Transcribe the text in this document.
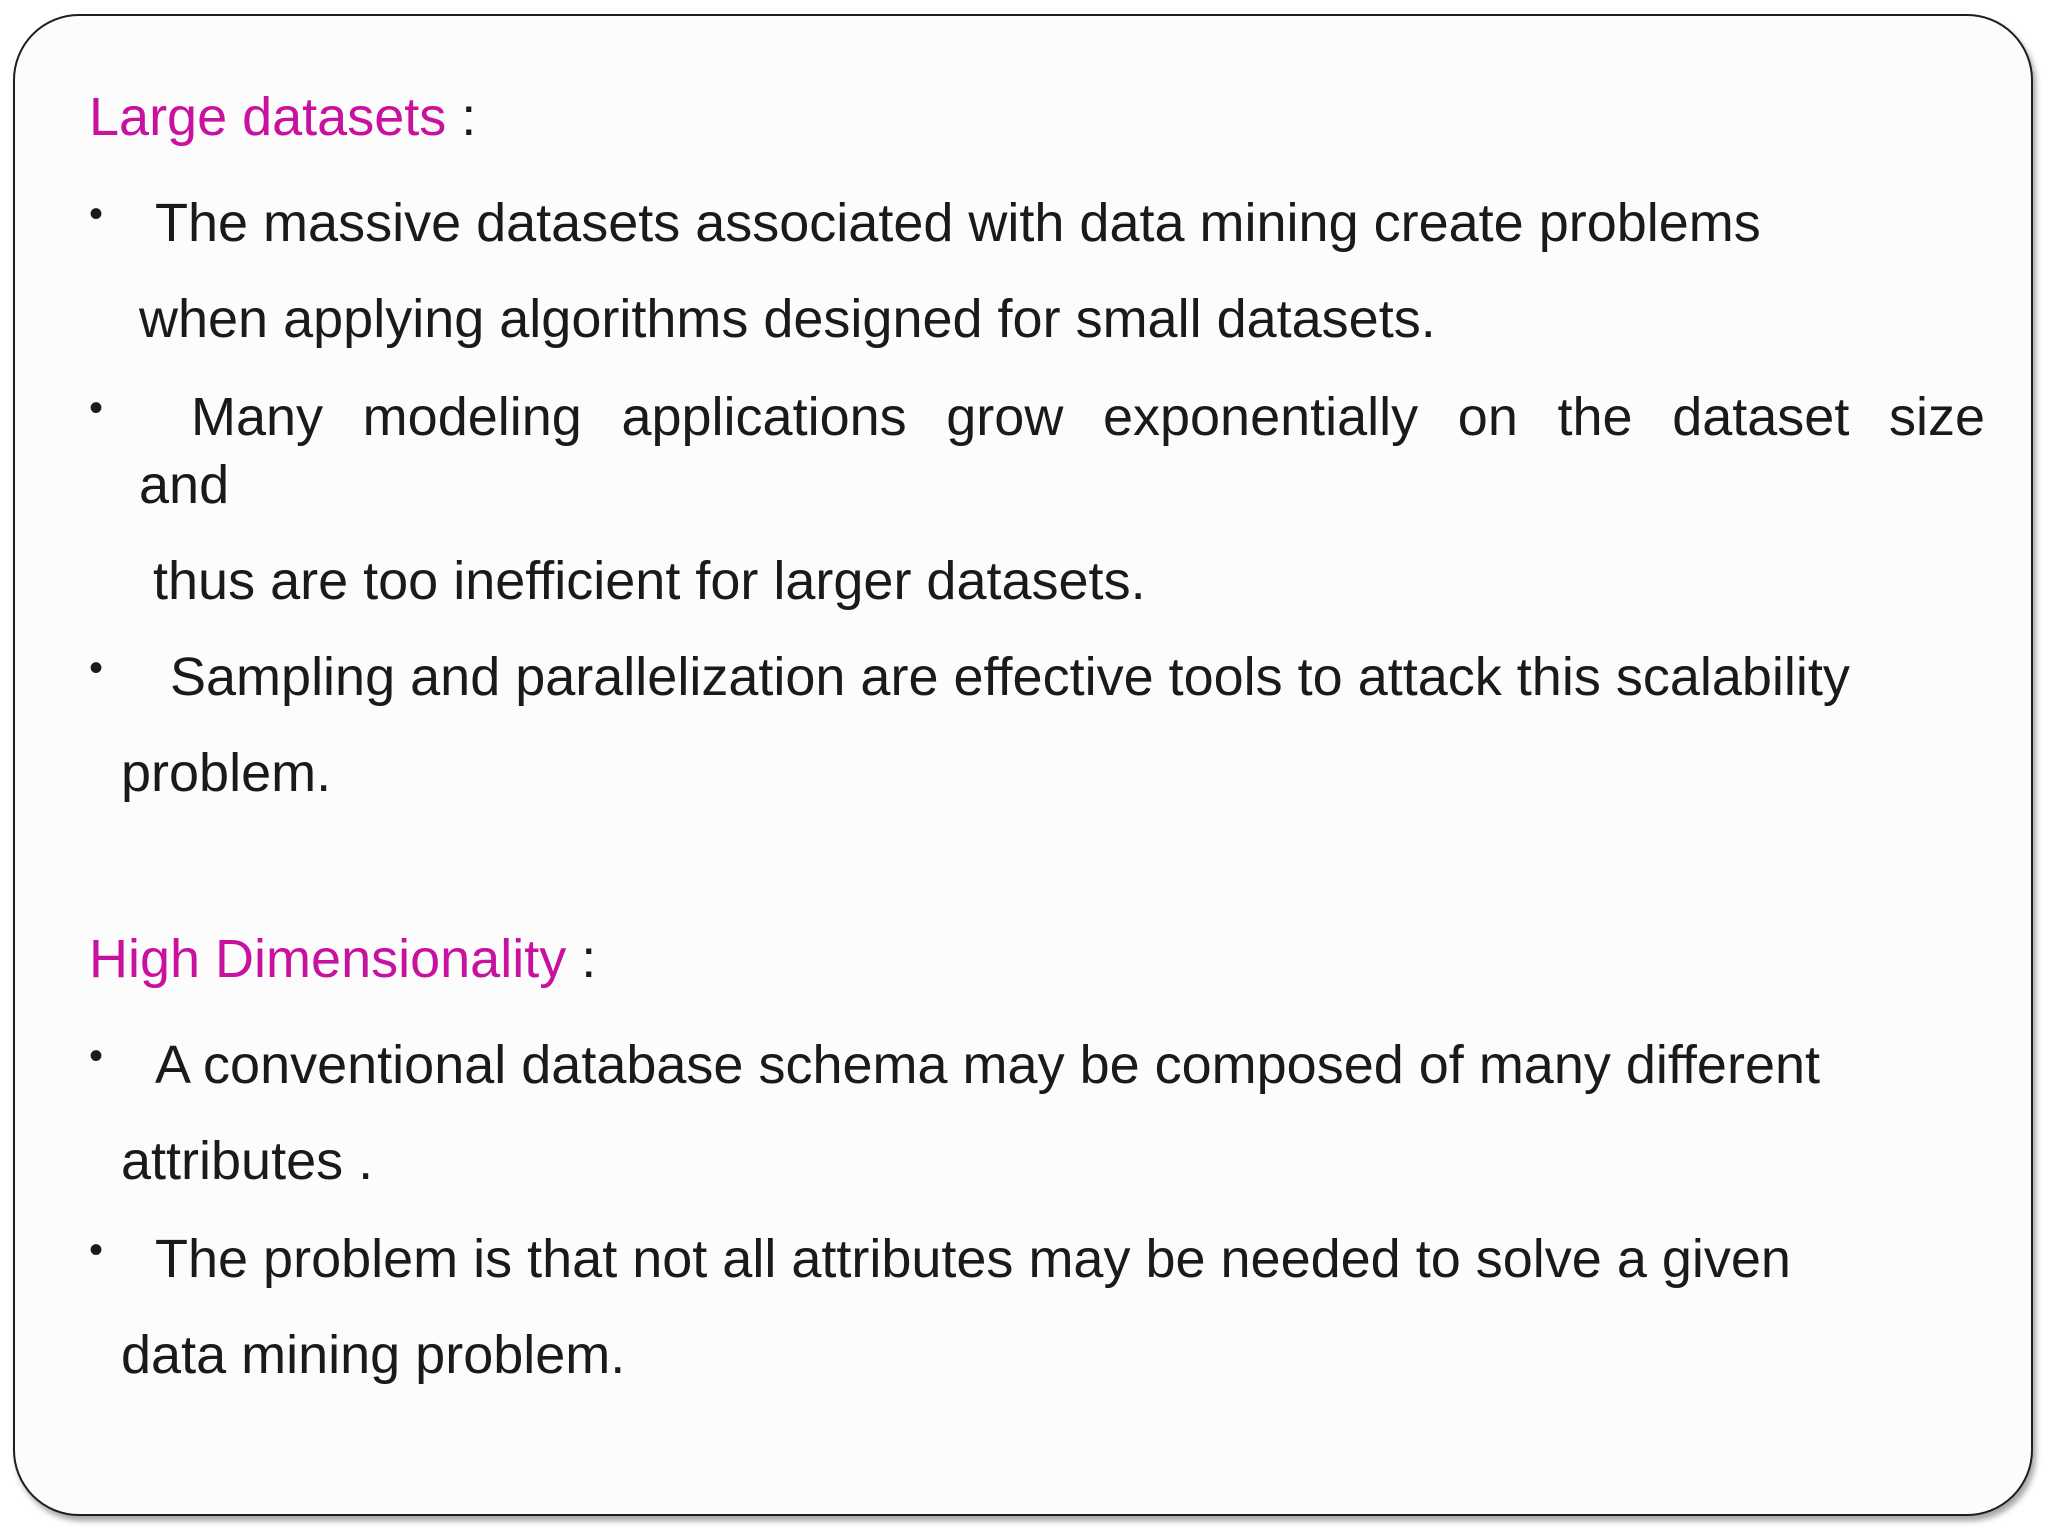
Large datasets :
• The massive datasets associated with data mining create problems
when applying algorithms designed for small datasets.
• Many modeling applications grow exponentially on the dataset size
and
thus are too inefficient for larger datasets.
• Sampling and parallelization are effective tools to attack this scalability
problem.
High Dimensionality :
• A conventional database schema may be composed of many different
attributes .
• The problem is that not all attributes may be needed to solve a given
data mining problem.
